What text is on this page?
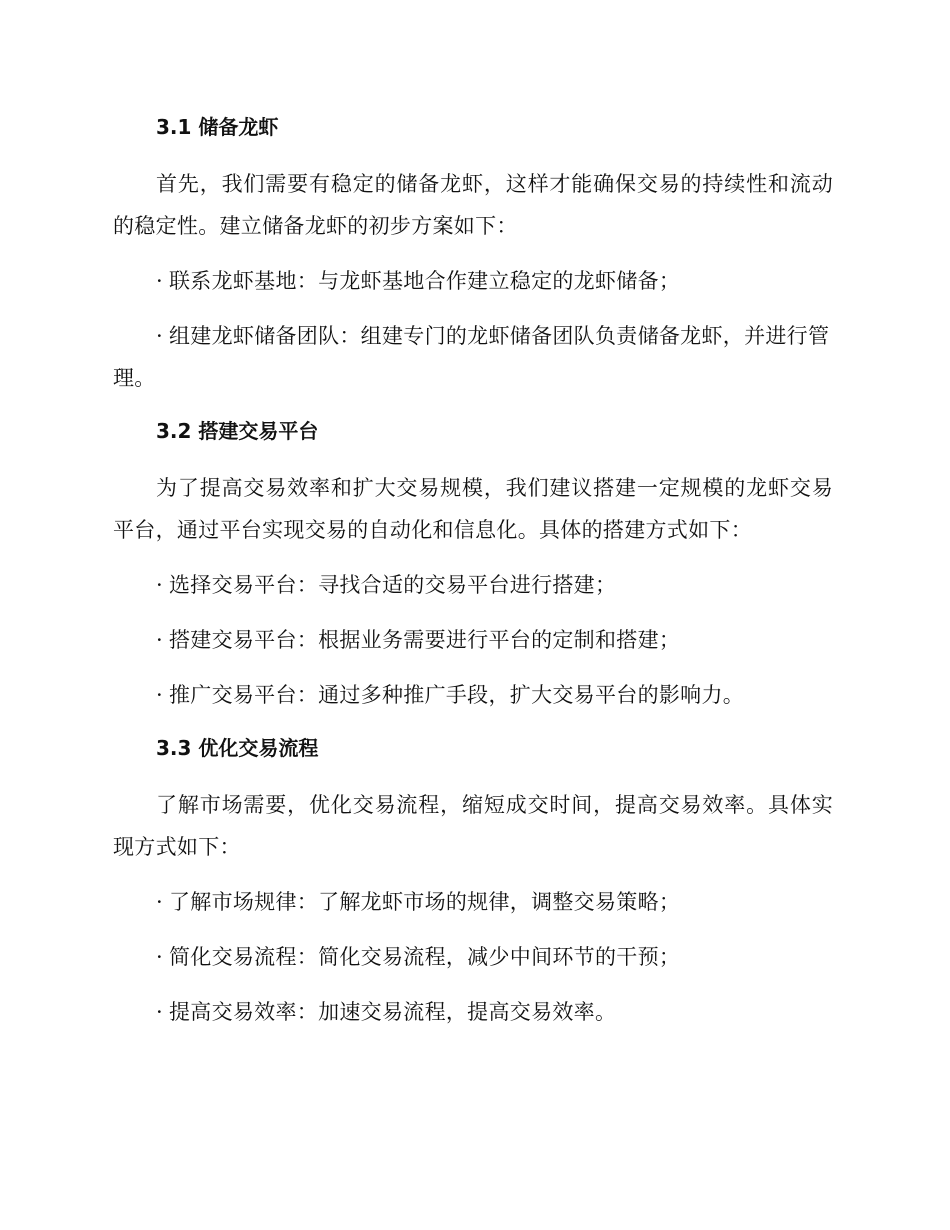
3.1 储备龙虾

首先，我们需要有稳定的储备龙虾，这样才能确保交易的持续性和流动的稳定性。建立储备龙虾的初步方案如下：

· 联系龙虾基地：与龙虾基地合作建立稳定的龙虾储备；

· 组建龙虾储备团队：组建专门的龙虾储备团队负责储备龙虾，并进行管理。

3.2 搭建交易平台

为了提高交易效率和扩大交易规模，我们建议搭建一定规模的龙虾交易平台，通过平台实现交易的自动化和信息化。具体的搭建方式如下：

· 选择交易平台：寻找合适的交易平台进行搭建；

· 搭建交易平台：根据业务需要进行平台的定制和搭建；

· 推广交易平台：通过多种推广手段，扩大交易平台的影响力。

3.3 优化交易流程

了解市场需要，优化交易流程，缩短成交时间，提高交易效率。具体实现方式如下：

· 了解市场规律：了解龙虾市场的规律，调整交易策略；

· 简化交易流程：简化交易流程，减少中间环节的干预；

· 提高交易效率：加速交易流程，提高交易效率。
